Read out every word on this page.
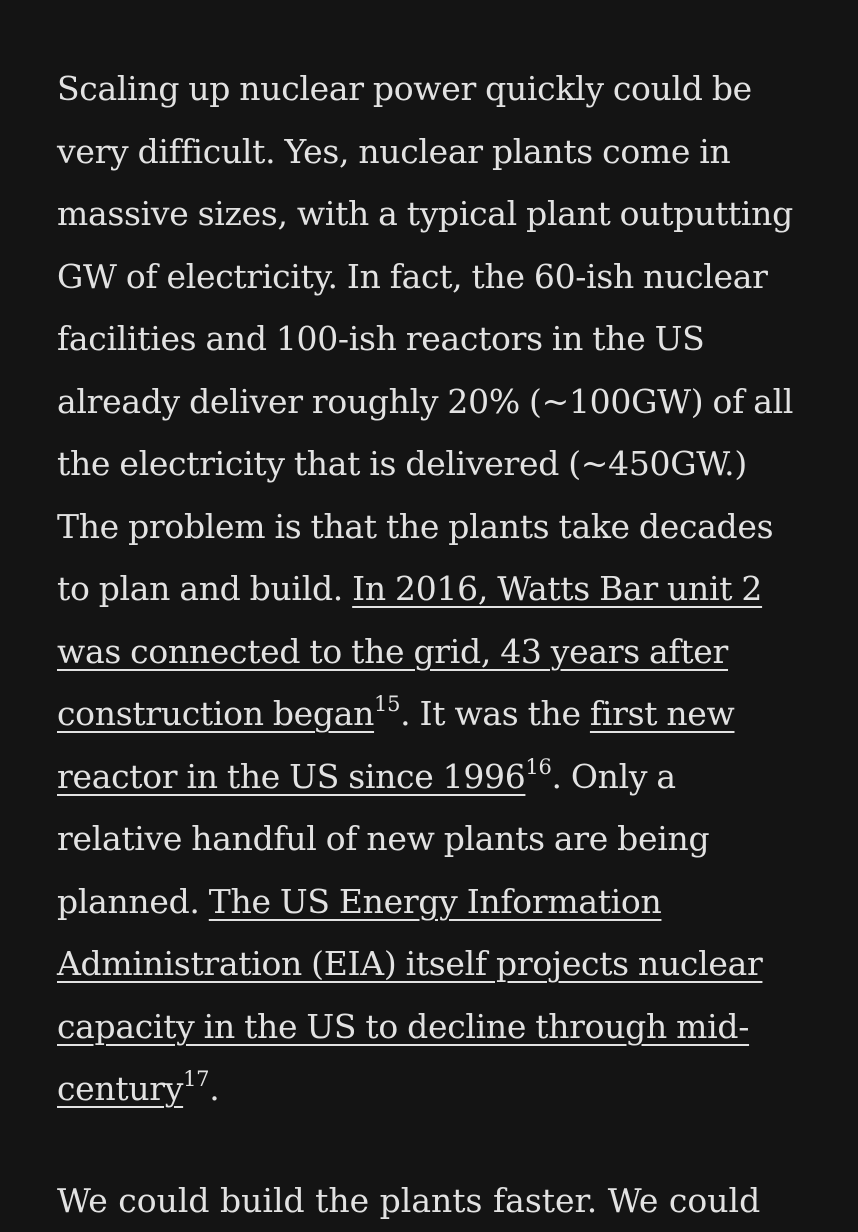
Scaling up nuclear power quickly could be very difficult. Yes, nuclear plants come in massive sizes, with a typical plant outputting GW of electricity. In fact, the 60-ish nuclear facilities and 100-ish reactors in the US already deliver roughly 20% (~100GW) of all the electricity that is delivered (~450GW.) The problem is that the plants take decades to plan and build. In 2016, Watts Bar unit 2 was connected to the grid, 43 years after construction began$^{15}$. It was the first new reactor in the US since 1996$^{16}$. Only a relative handful of new plants are being planned. The US Energy Information Administration (EIA) itself projects nuclear capacity in the US to decline through mid-century$^{17}$.

We could build the plants faster. We could
